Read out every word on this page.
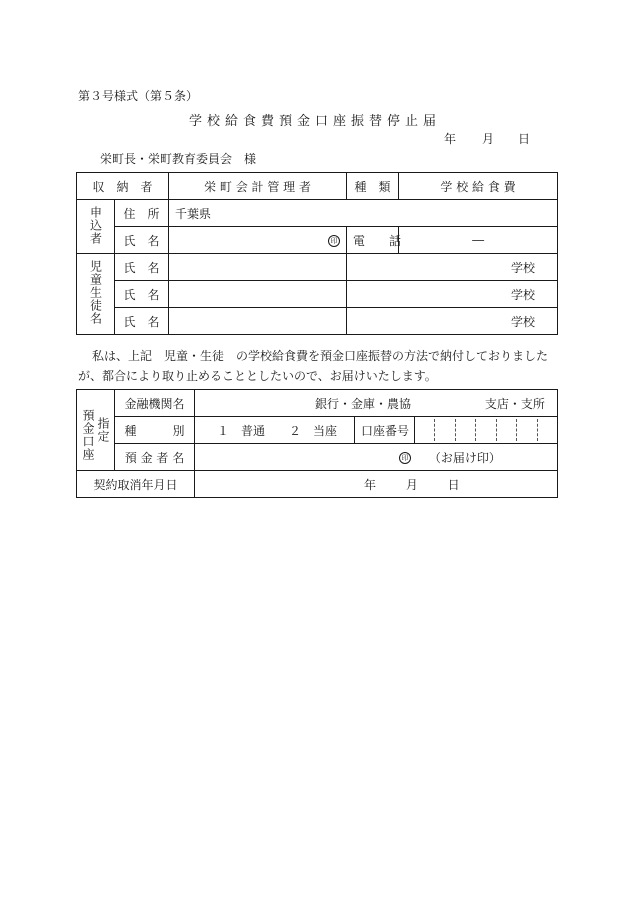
第３号様式（第５条）
学校給食費預金口座振替停止届
年 月 日
栄町長・栄町教育委員会　様
収　納　者		栄 町 会 計 管 理 者	種　類	学 校 給 食 費
申込者	住　所	千葉県		
	氏　名	印	電　話	―
児童生徒名	氏　名		学校	
	氏　名		学校	
	氏　名		学校	
私は、上記　児童・生徒　の学校給食費を預金口座振替の方法で納付しておりましたが、都合により取り止めることとしたいので、お届けいたします。
預金口座 指定	金融機関名	銀行・金庫・農協 支店・支所		
	種　　　別	１　普通　　２　当座	口座番号	

	預 金 者 名	印 （お届け印）		
契約取消年月日		年 月 日		
